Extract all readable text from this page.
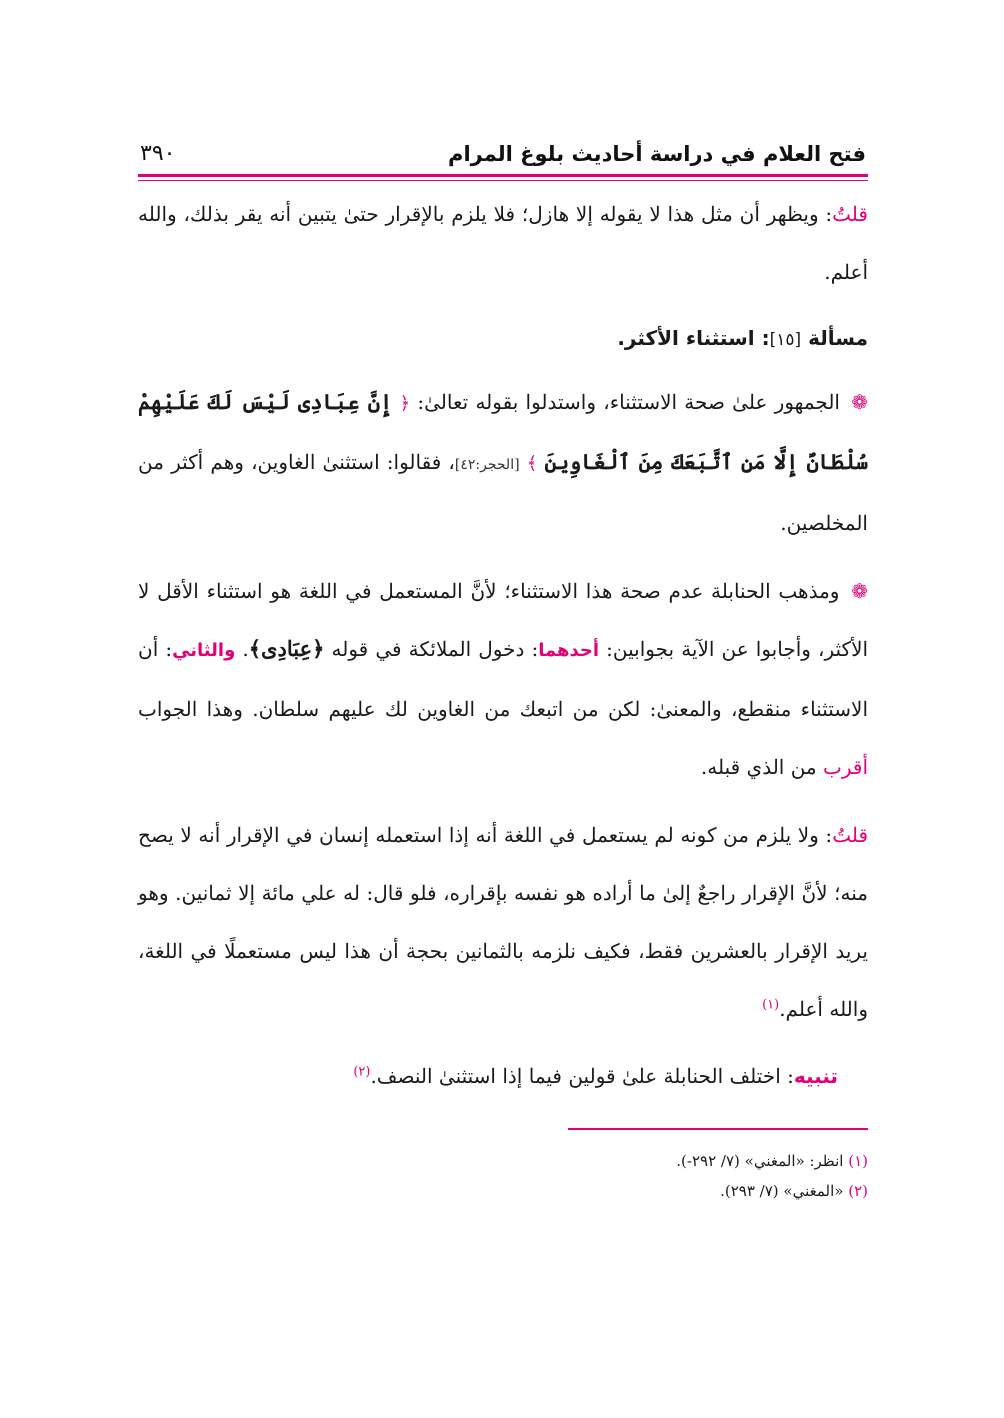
فتح العلام في دراسة أحاديث بلوغ المرام
٣٩٠

قلتُ: ويظهر أن مثل هذا لا يقوله إلا هازل؛ فلا يلزم بالإقرار حتىٰ يتبين أنه يقر بذلك، والله أعلم.

مسألة [١٥]: استثناء الأكثر.

❁ الجمهور علىٰ صحة الاستثناء، واستدلوا بقوله تعالىٰ: ﴿ إِنَّ عِبَادِى لَيْسَ لَكَ عَلَيْهِمْ سُلْطَانٌ إِلَّا مَنِ ٱتَّبَعَكَ مِنَ ٱلْغَاوِينَ ﴾ [الحجر:٤٢]، فقالوا: استثنىٰ الغاوين، وهم أكثر من المخلصين.

❁ ومذهب الحنابلة عدم صحة هذا الاستثناء؛ لأنَّ المستعمل في اللغة هو استثناء الأقل لا الأكثر، وأجابوا عن الآية بجوابين: أحدهما: دخول الملائكة في قوله ﴿عِبَادِى﴾. والثاني: أن الاستثناء منقطع، والمعنىٰ: لكن من اتبعك من الغاوين لك عليهم سلطان. وهذا الجواب أقرب من الذي قبله.

قلتُ: ولا يلزم من كونه لم يستعمل في اللغة أنه إذا استعمله إنسان في الإقرار أنه لا يصح منه؛ لأنَّ الإقرار راجعٌ إلىٰ ما أراده هو نفسه بإقراره، فلو قال: له علي مائة إلا ثمانين. وهو يريد الإقرار بالعشرين فقط، فكيف نلزمه بالثمانين بحجة أن هذا ليس مستعملًا في اللغة، والله أعلم.$^{(١)}$

تنبيه: اختلف الحنابلة علىٰ قولين فيما إذا استثنىٰ النصف.$^{(٢)}$

(١) انظر: «المغني» (٧/ ٢٩٢-).
(٢) «المغني» (٧/ ٢٩٣).
